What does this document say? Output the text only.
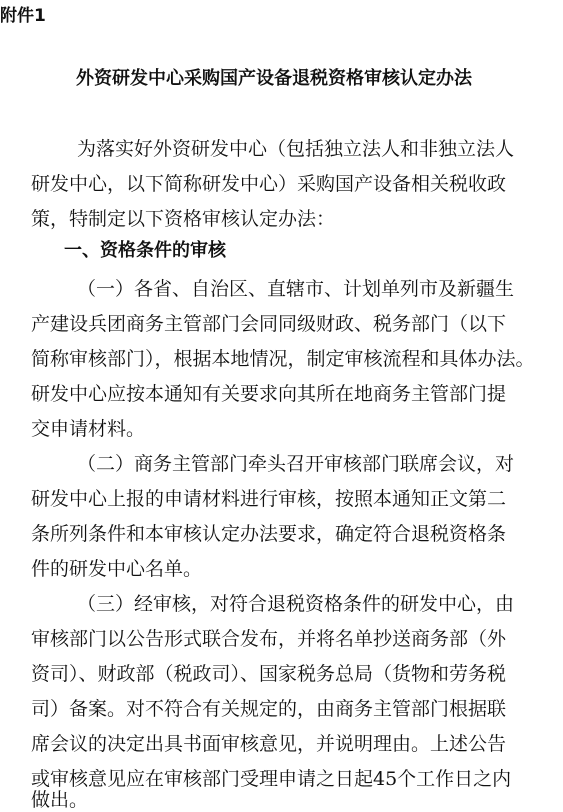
附件1
外资研发中心采购国产设备退税资格审核认定办法
为落实好外资研发中心（包括独立法人和非独立法人
研发中心，以下简称研发中心）采购国产设备相关税收政
策，特制定以下资格审核认定办法：
一、资格条件的审核
（一）各省、自治区、直辖市、计划单列市及新疆生
产建设兵团商务主管部门会同同级财政、税务部门（以下
简称审核部门），根据本地情况，制定审核流程和具体办法。
研发中心应按本通知有关要求向其所在地商务主管部门提
交申请材料。
（二）商务主管部门牵头召开审核部门联席会议，对
研发中心上报的申请材料进行审核，按照本通知正文第二
条所列条件和本审核认定办法要求，确定符合退税资格条
件的研发中心名单。
（三）经审核，对符合退税资格条件的研发中心，由
审核部门以公告形式联合发布，并将名单抄送商务部（外
资司）、财政部（税政司）、国家税务总局（货物和劳务税
司）备案。对不符合有关规定的，由商务主管部门根据联
席会议的决定出具书面审核意见，并说明理由。上述公告
或审核意见应在审核部门受理申请之日起45个工作日之内
做出。
